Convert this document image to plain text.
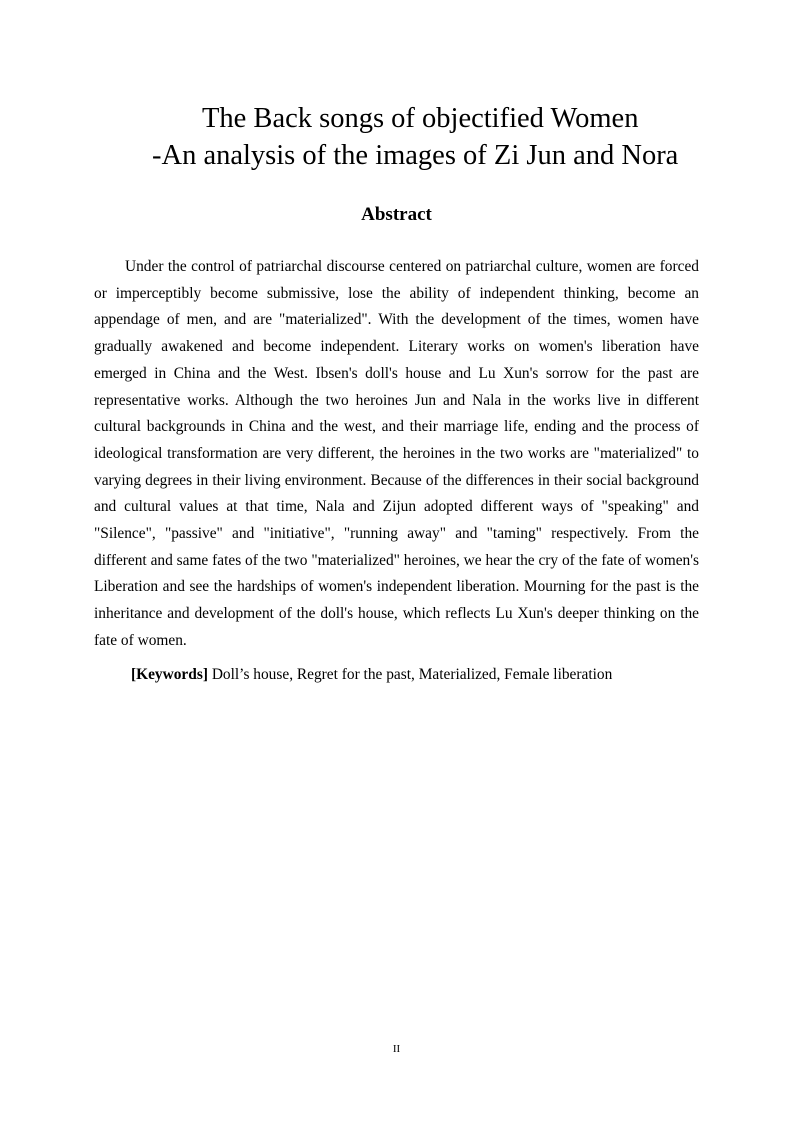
The Back songs of objectified Women
-An analysis of the images of Zi Jun and Nora
Abstract

Under the control of patriarchal discourse centered on patriarchal culture, women are forced or imperceptibly become submissive, lose the ability of independent thinking, become an appendage of men, and are "materialized". With the development of the times, women have gradually awakened and become independent. Literary works on women's liberation have emerged in China and the West. Ibsen's doll's house and Lu Xun's sorrow for the past are representative works. Although the two heroines Jun and Nala in the works live in different cultural backgrounds in China and the west, and their marriage life, ending and the process of ideological transformation are very different, the heroines in the two works are "materialized" to varying degrees in their living environment. Because of the differences in their social background and cultural values at that time, Nala and Zijun adopted different ways of "speaking" and "Silence", "passive" and "initiative", "running away" and "taming" respectively. From the different and same fates of the two "materialized" heroines, we hear the cry of the fate of women's Liberation and see the hardships of women's independent liberation. Mourning for the past is the inheritance and development of the doll's house, which reflects Lu Xun's deeper thinking on the fate of women.

[Keywords] Doll’s house, Regret for the past, Materialized, Female liberation

II
